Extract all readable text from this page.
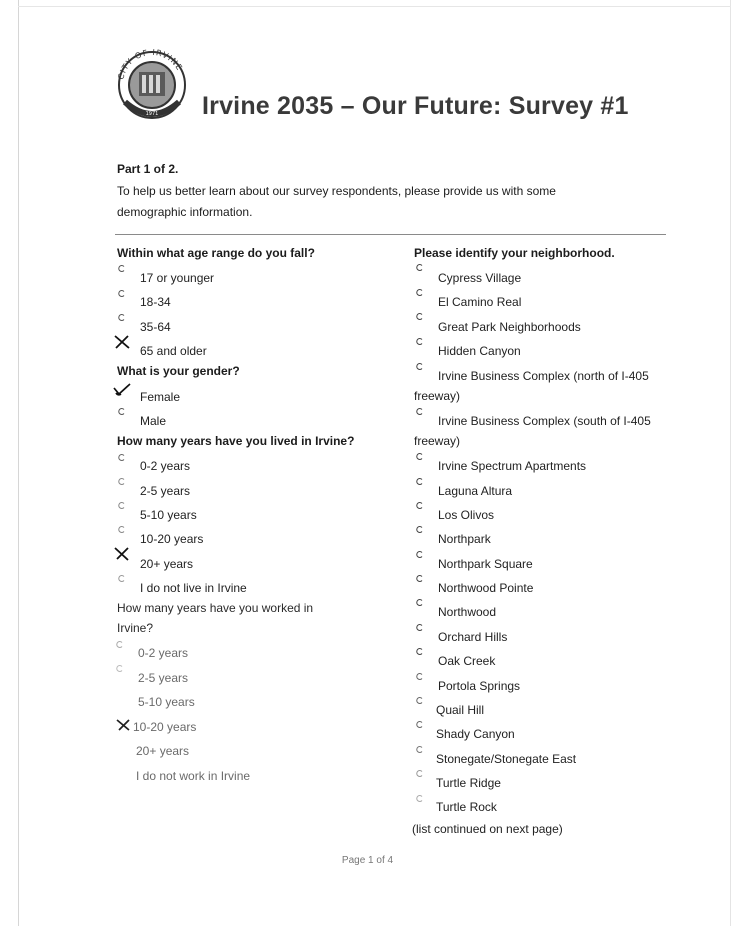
CITY OF IRVINE
1971 Irvine 2035 – Our Future: Survey #1
Part 1 of 2.
To help us better learn about our survey respondents, please provide us with some demographic information.
Within what age range do you fall?
17 or younger
18-34
35-64
65 and older
What is your gender?
Female
Male
How many years have you lived in Irvine?
0-2 years
2-5 years
5-10 years
10-20 years
20+ years
I do not live in Irvine
How many years have you worked in
Irvine?
0-2 years
2-5 years
5-10 years
10-20 years
20+ years
I do not work in Irvine
Please identify your neighborhood.
Cypress Village
El Camino Real
Great Park Neighborhoods
Hidden Canyon
Irvine Business Complex (north of I-405
freeway)
Irvine Business Complex (south of I-405
freeway)
Irvine Spectrum Apartments
Laguna Altura
Los Olivos
Northpark
Northpark Square
Northwood Pointe
Northwood
Orchard Hills
Oak Creek
Portola Springs
Quail Hill
Shady Canyon
Stonegate/Stonegate East
Turtle Ridge
Turtle Rock
(list continued on next page)
Page 1 of 4
